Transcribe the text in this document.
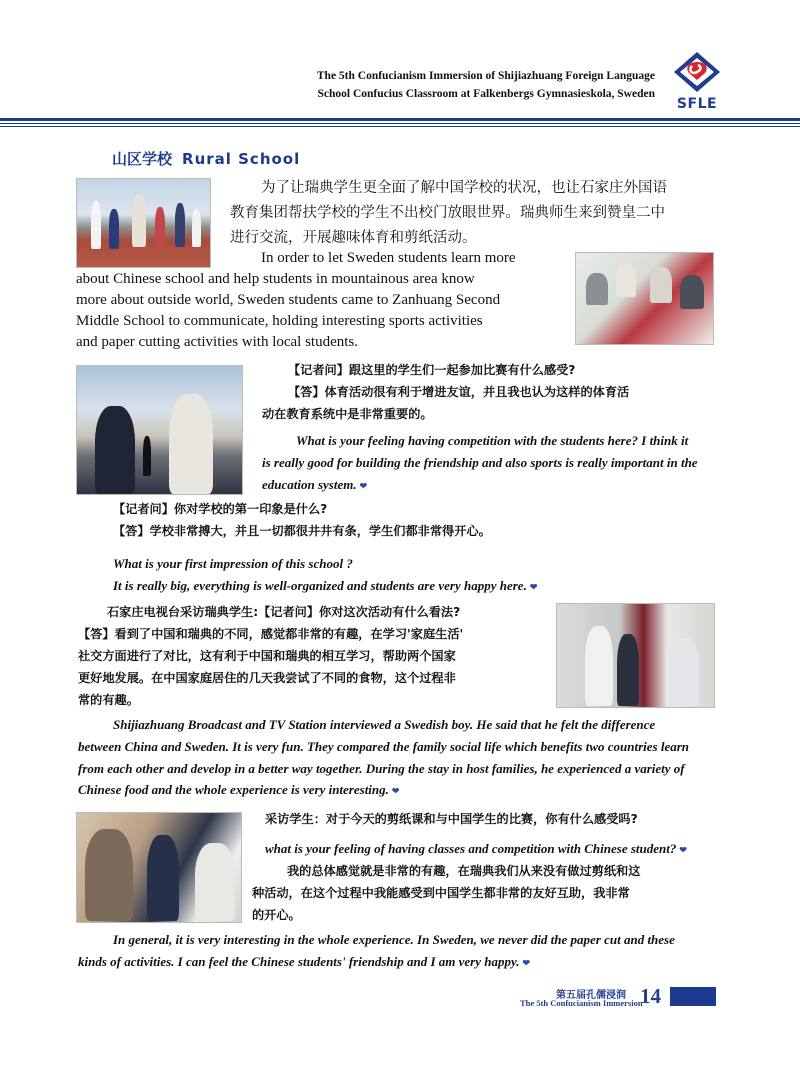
The 5th Confucianism Immersion of Shijiazhuang Foreign Language
School Confucius Classroom at Falkenbergs Gymnasieskola, Sweden
SFLE
山区学校 Rural School
为了让瑞典学生更全面了解中国学校的状况，也让石家庄外国语
教育集团帮扶学校的学生不出校门放眼世界。瑞典师生来到赞皇二中
进行交流，开展趣味体育和剪纸活动。
In order to let Sweden students learn more
about Chinese school and help students in mountainous area know
more about outside world, Sweden students came to Zanhuang Second
Middle School to communicate, holding interesting sports activities
and paper cutting activities with local students.
【记者问】跟这里的学生们一起参加比赛有什么感受?
【答】体育活动很有利于增进友谊，并且我也认为这样的体育活
动在教育系统中是非常重要的。
What is your feeling having competition with the students here? I think it
is really good for building the friendship and also sports is really important in the
education system. ❤
【记者问】你对学校的第一印象是什么?
【答】学校非常搏大，并且一切都很井井有条，学生们都非常得开心。
What is your first impression of this school ?
It is really big, everything is well-organized and students are very happy here. ❤
石家庄电视台采访瑞典学生:【记者问】你对这次活动有什么看法?
【答】看到了中国和瑞典的不同，感觉都非常的有趣，在学习'家庭生活'
社交方面进行了对比，这有利于中国和瑞典的相互学习，帮助两个国家
更好地发展。在中国家庭居住的几天我尝试了不同的食物，这个过程非
常的有趣。
Shijiazhuang Broadcast and TV Station interviewed a Swedish boy. He said that he felt the difference
between China and Sweden. It is very fun. They compared the family social life which benefits two countries learn
from each other and develop in a better way together. During the stay in host families, he experienced a variety of
Chinese food and the whole experience is very interesting. ❤
采访学生：对于今天的剪纸课和与中国学生的比赛，你有什么感受吗?
what is your feeling of having classes and competition with Chinese student? ❤
我的总体感觉就是非常的有趣，在瑞典我们从来没有做过剪纸和这
种活动，在这个过程中我能感受到中国学生都非常的友好互助，我非常
的开心。
In general, it is very interesting in the whole experience. In Sweden, we never did the paper cut and these
kinds of activities. I can feel the Chinese students' friendship and I am very happy. ❤
第五届孔儒浸润
The 5th Confucianism Immersion
14
